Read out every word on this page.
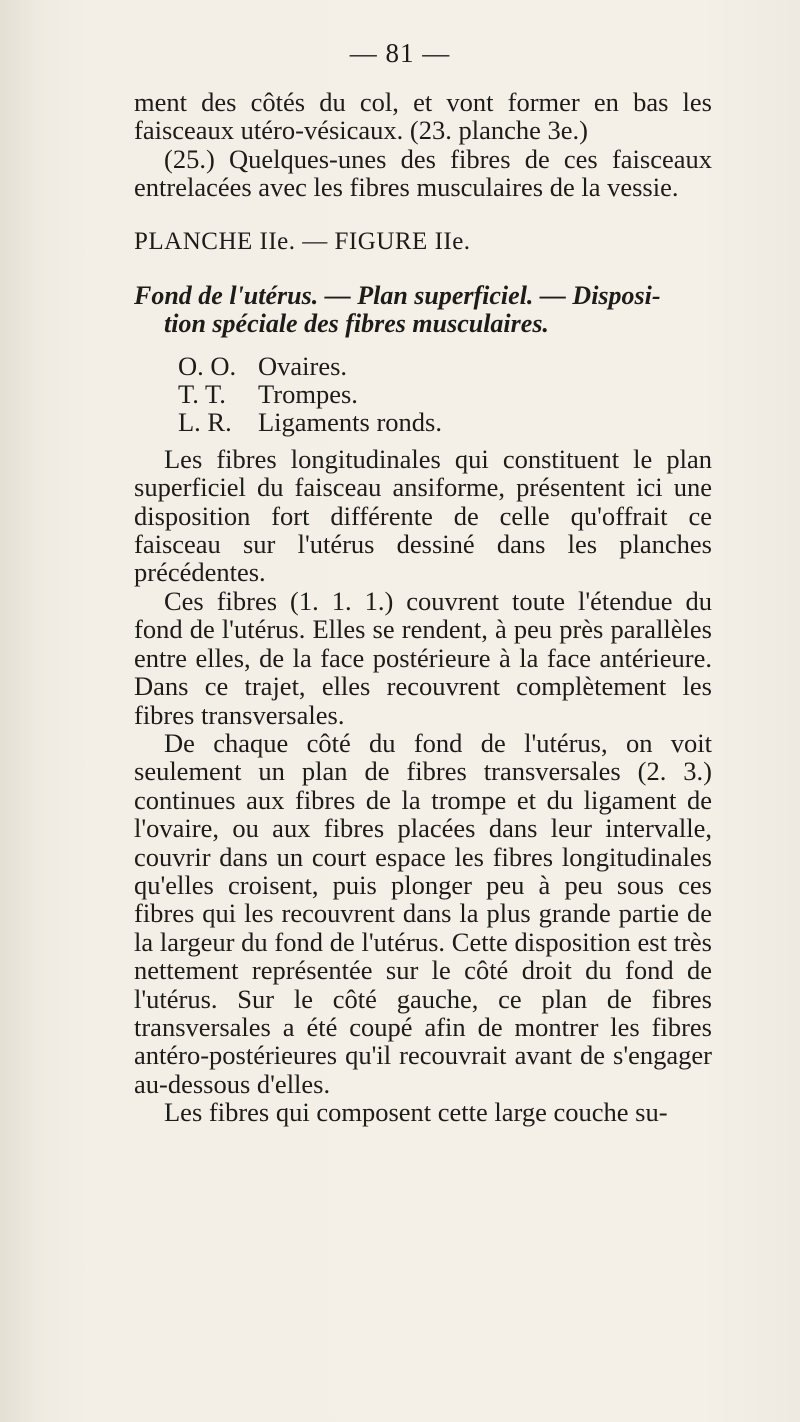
— 81 —

ment des côtés du col, et vont former en bas les faisceaux utéro-vésicaux. (23. planche 3e.)

(25.) Quelques-unes des fibres de ces faisceaux entrelacées avec les fibres musculaires de la vessie.

PLANCHE IIe. — FIGURE IIe.

Fond de l'utérus. — Plan superficiel. — Disposi-
tion spéciale des fibres musculaires.

O. O. Ovaires.
T. T. Trompes.
L. R. Ligaments ronds.

Les fibres longitudinales qui constituent le plan superficiel du faisceau ansiforme, présentent ici une disposition fort différente de celle qu'offrait ce faisceau sur l'utérus dessiné dans les planches précédentes.

Ces fibres (1. 1. 1.) couvrent toute l'étendue du fond de l'utérus. Elles se rendent, à peu près parallèles entre elles, de la face postérieure à la face antérieure. Dans ce trajet, elles recouvrent complètement les fibres transversales.

De chaque côté du fond de l'utérus, on voit seulement un plan de fibres transversales (2. 3.) continues aux fibres de la trompe et du ligament de l'ovaire, ou aux fibres placées dans leur intervalle, couvrir dans un court espace les fibres longitudinales qu'elles croisent, puis plonger peu à peu sous ces fibres qui les recouvrent dans la plus grande partie de la largeur du fond de l'utérus. Cette disposition est très nettement représentée sur le côté droit du fond de l'utérus. Sur le côté gauche, ce plan de fibres transversales a été coupé afin de montrer les fibres antéro-postérieures qu'il recouvrait avant de s'engager au-dessous d'elles.

Les fibres qui composent cette large couche su-
